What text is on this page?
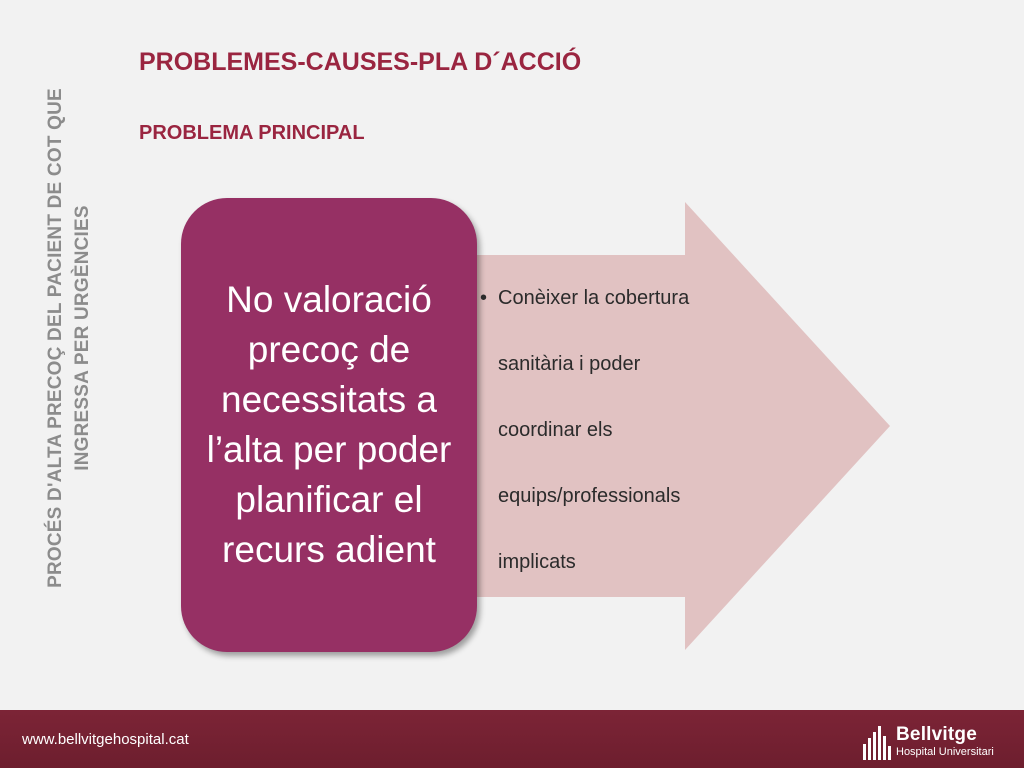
PROCÉS D'ALTA PRECOÇ DEL PACIENT DE COT QUE INGRESSA PER URGÈNCIES
PROBLEMES-CAUSES-PLA D´ACCIÓ
PROBLEMA PRINCIPAL

No valoració precoç de necessitats a l’alta per poder planificar el recurs adient

• Conèixer la cobertura
sanitària i poder
coordinar els
equips/professionals
implicats
www.bellvitgehospital.cat	Bellvitge
Hospital Universitari
